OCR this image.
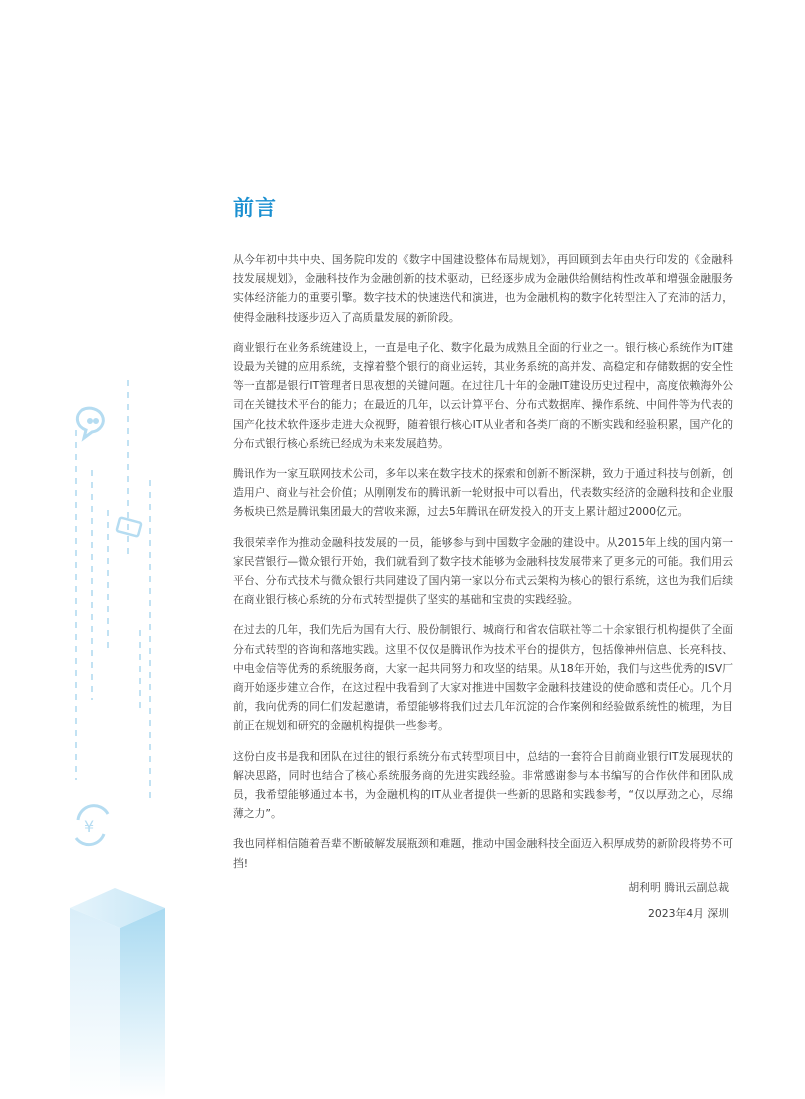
¥
前言

从今年初中共中央、国务院印发的《数字中国建设整体布局规划》，再回顾到去年由央行印发的《金融科技发展规划》，金融科技作为金融创新的技术驱动，已经逐步成为金融供给侧结构性改革和增强金融服务实体经济能力的重要引擎。数字技术的快速迭代和演进，也为金融机构的数字化转型注入了充沛的活力，使得金融科技逐步迈入了高质量发展的新阶段。

商业银行在业务系统建设上，一直是电子化、数字化最为成熟且全面的行业之一。银行核心系统作为IT建设最为关键的应用系统，支撑着整个银行的商业运转，其业务系统的高并发、高稳定和存储数据的安全性等一直都是银行IT管理者日思夜想的关键问题。在过往几十年的金融IT建设历史过程中，高度依赖海外公司在关键技术平台的能力；在最近的几年，以云计算平台、分布式数据库、操作系统、中间件等为代表的国产化技术软件逐步走进大众视野，随着银行核心IT从业者和各类厂商的不断实践和经验积累，国产化的分布式银行核心系统已经成为未来发展趋势。

腾讯作为一家互联网技术公司，多年以来在数字技术的探索和创新不断深耕，致力于通过科技与创新，创造用户、商业与社会价值；从刚刚发布的腾讯新一轮财报中可以看出，代表数实经济的金融科技和企业服务板块已然是腾讯集团最大的营收来源，过去5年腾讯在研发投入的开支上累计超过2000亿元。

我很荣幸作为推动金融科技发展的一员，能够参与到中国数字金融的建设中。从2015年上线的国内第一家民营银行—微众银行开始，我们就看到了数字技术能够为金融科技发展带来了更多元的可能。我们用云平台、分布式技术与微众银行共同建设了国内第一家以分布式云架构为核心的银行系统，这也为我们后续在商业银行核心系统的分布式转型提供了坚实的基础和宝贵的实践经验。

在过去的几年，我们先后为国有大行、股份制银行、城商行和省农信联社等二十余家银行机构提供了全面分布式转型的咨询和落地实践。这里不仅仅是腾讯作为技术平台的提供方，包括像神州信息、长亮科技、中电金信等优秀的系统服务商，大家一起共同努力和攻坚的结果。从18年开始，我们与这些优秀的ISV厂商开始逐步建立合作，在这过程中我看到了大家对推进中国数字金融科技建设的使命感和责任心。几个月前，我向优秀的同仁们发起邀请，希望能够将我们过去几年沉淀的合作案例和经验做系统性的梳理，为目前正在规划和研究的金融机构提供一些参考。

这份白皮书是我和团队在过往的银行系统分布式转型项目中，总结的一套符合目前商业银行IT发展现状的解决思路，同时也结合了核心系统服务商的先进实践经验。非常感谢参与本书编写的合作伙伴和团队成员，我希望能够通过本书，为金融机构的IT从业者提供一些新的思路和实践参考，“仅以厚劲之心，尽绵薄之力”。

我也同样相信随着吾辈不断破解发展瓶颈和难题，推动中国金融科技全面迈入积厚成势的新阶段将势不可挡!

胡利明 腾讯云副总裁
2023年4月 深圳
